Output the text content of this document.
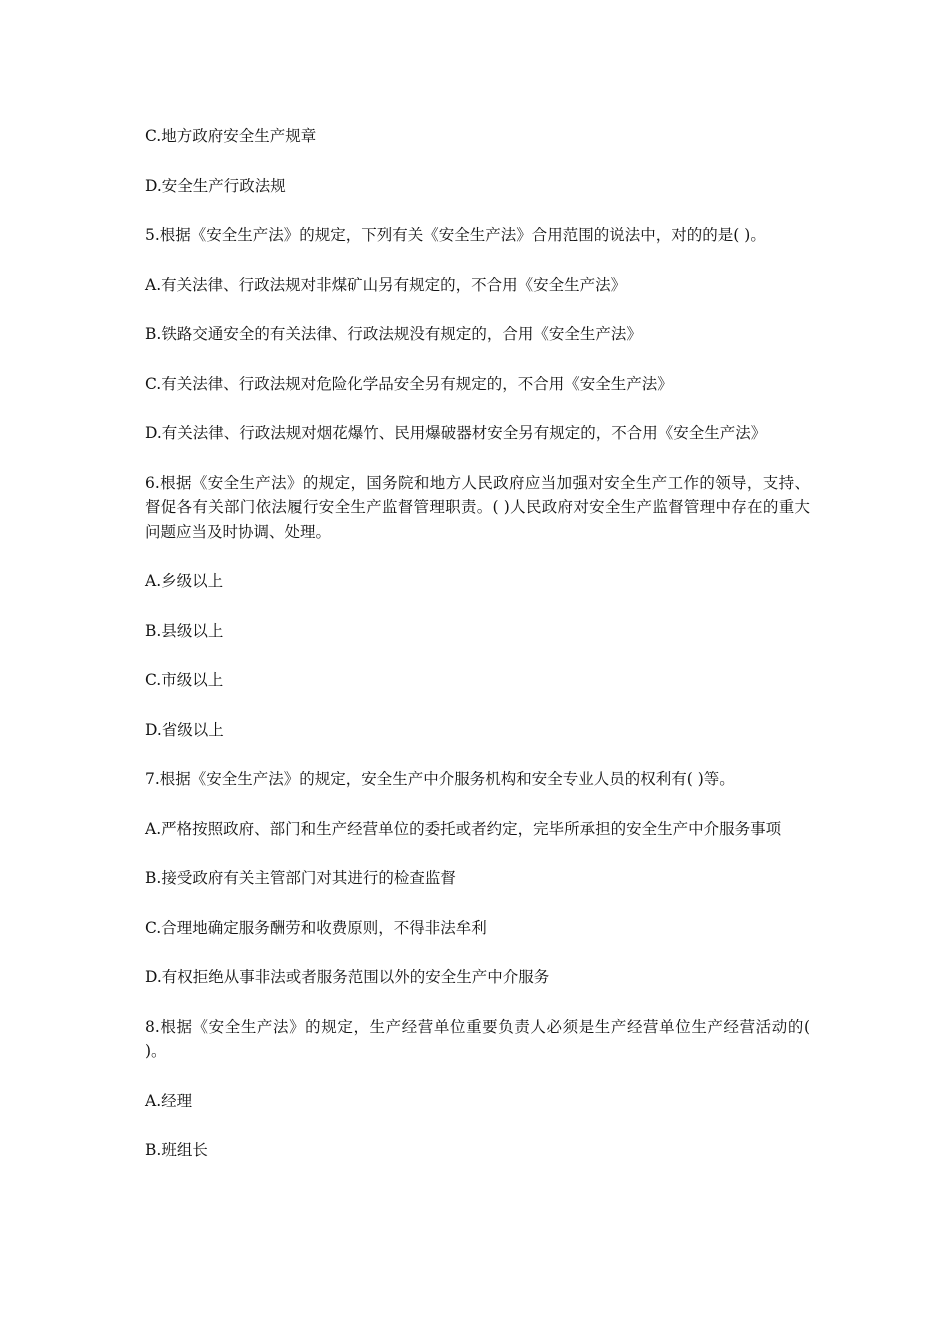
C.地方政府安全生产规章

D.安全生产行政法规

5.根据《安全生产法》的规定，下列有关《安全生产法》合用范围的说法中，对的的是( )。

A.有关法律、行政法规对非煤矿山另有规定的，不合用《安全生产法》

B.铁路交通安全的有关法律、行政法规没有规定的，合用《安全生产法》

C.有关法律、行政法规对危险化学品安全另有规定的，不合用《安全生产法》

D.有关法律、行政法规对烟花爆竹、民用爆破器材安全另有规定的，不合用《安全生产法》

6.根据《安全生产法》的规定，国务院和地方人民政府应当加强对安全生产工作的领导，支持、督促各有关部门依法履行安全生产监督管理职责。( )人民政府对安全生产监督管理中存在的重大问题应当及时协调、处理。

A.乡级以上

B.县级以上

C.市级以上

D.省级以上

7.根据《安全生产法》的规定，安全生产中介服务机构和安全专业人员的权利有( )等。

A.严格按照政府、部门和生产经营单位的委托或者约定，完毕所承担的安全生产中介服务事项

B.接受政府有关主管部门对其进行的检查监督

C.合理地确定服务酬劳和收费原则，不得非法牟利

D.有权拒绝从事非法或者服务范围以外的安全生产中介服务

8.根据《安全生产法》的规定，生产经营单位重要负责人必须是生产经营单位生产经营活动的( )。

A.经理

B.班组长
